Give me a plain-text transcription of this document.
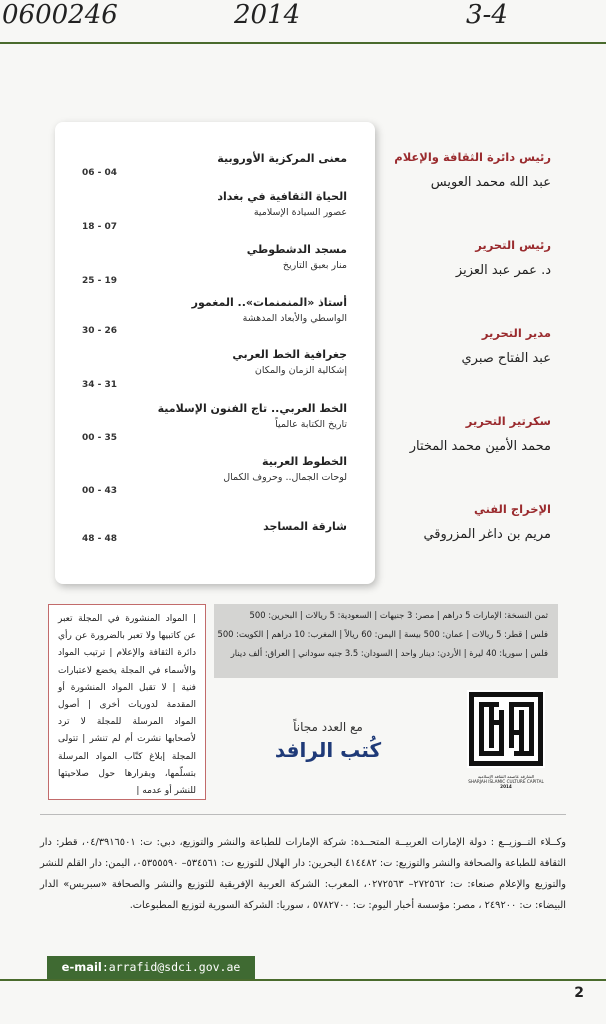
0600246	2014	3-4
رئيس دائرة الثقافة والإعلام
عبد الله محمد العويس
رئيس التحرير
د. عمر عبد العزيز
مدير التحرير
عبد الفتاح صبري
سكرتير التحرير
محمد الأمين محمد المختار
الإخراج الفني
مريم بن داغر المزروقي
معنى المركزية الأوروبية
06 - 04
الحياة الثقافية في بغداد
عصور السيادة الإسلامية
18 - 07
مسجد الدشطوطي
منار بعبق التاريخ
25 - 19
أستاذ «المنمنمات».. المغمور
الواسطي والأبعاد المدهشة
30 - 26
جغرافية الخط العربي
إشكالية الزمان والمكان
34 - 31
الخط العربي.. تاج الفنون الإسلامية
تاريخ الكتابة عالمياً
00 - 35
الخطوط العربية
لوحات الجمال.. وحروف الكمال
00 - 43
شارقة المساجد
48 - 48
ثمن النسخة: الإمارات 5 دراهم | مصر: 3 جنيهات | السعودية: 5 ريالات | البحرين: 500
فلس | قطر: 5 ريالات | عمان: 500 بيسة | اليمن: 60 ريالاً | المغرب: 10 دراهم | الكويت: 500
فلس | سوريا: 40 ليرة | الأردن: دينار واحد | السودان: 3.5 جنيه سوداني | العراق: ألف دينار
| المواد المنشورة في المجلة تعبر عن كاتبيها ولا تعبر بالضرورة عن رأي دائرة الثقافة والإعلام | ترتيب المواد والأسماء في المجلة يخضع لاعتبارات فنية | لا تقبل المواد المنشورة أو المقدمة لدوريات أخرى | أصول المواد المرسلة للمجلة لا ترد لأصحابها نشرت أم لم تنشر | تتولى المجلة إبلاغ كتّاب المواد المرسلة بتسلّمها، وبقرارها حول صلاحيتها للنشر أو عدمه |
الشارقة عاصمة الثقافة الإسلامية
SHARJAH ISLAMIC CULTURE CAPITAL
2014
مع العدد مجاناً
كُتب الرافد
وكــلاء التــوزيــع : دولة الإمارات العربيــة المتحــدة: شركة الإمارات للطباعة والنشر والتوزيع، دبي: ت: ٠٤/٣٩١٦٥٠١، قطر: دار الثقافة للطباعة والصحافة والنشر والتوزيع: ت: ٤١٤٤٨٢ البحرين: دار الهلال للتوزيع ت: ٥٣٤٥٦١– ٠٥٣٥٥٥٩٠، اليمن: دار القلم للنشر والتوزيع والإعلام صنعاء: ت: ٢٧٢٥٦٢– ٠٢٧٢٥٦٣، المغرب: الشركة العربية الإفريقية للتوزيع والنشر والصحافة «سبريس» الدار البيضاء: ت: ٢٤٩٢٠٠ ، مصر: مؤسسة أخبار اليوم: ت: ٥٧٨٢٧٠٠ ، سوريا: الشركة السورية لتوزيع المطبوعات.
e-mail:arrafid@sdci.gov.ae
2
